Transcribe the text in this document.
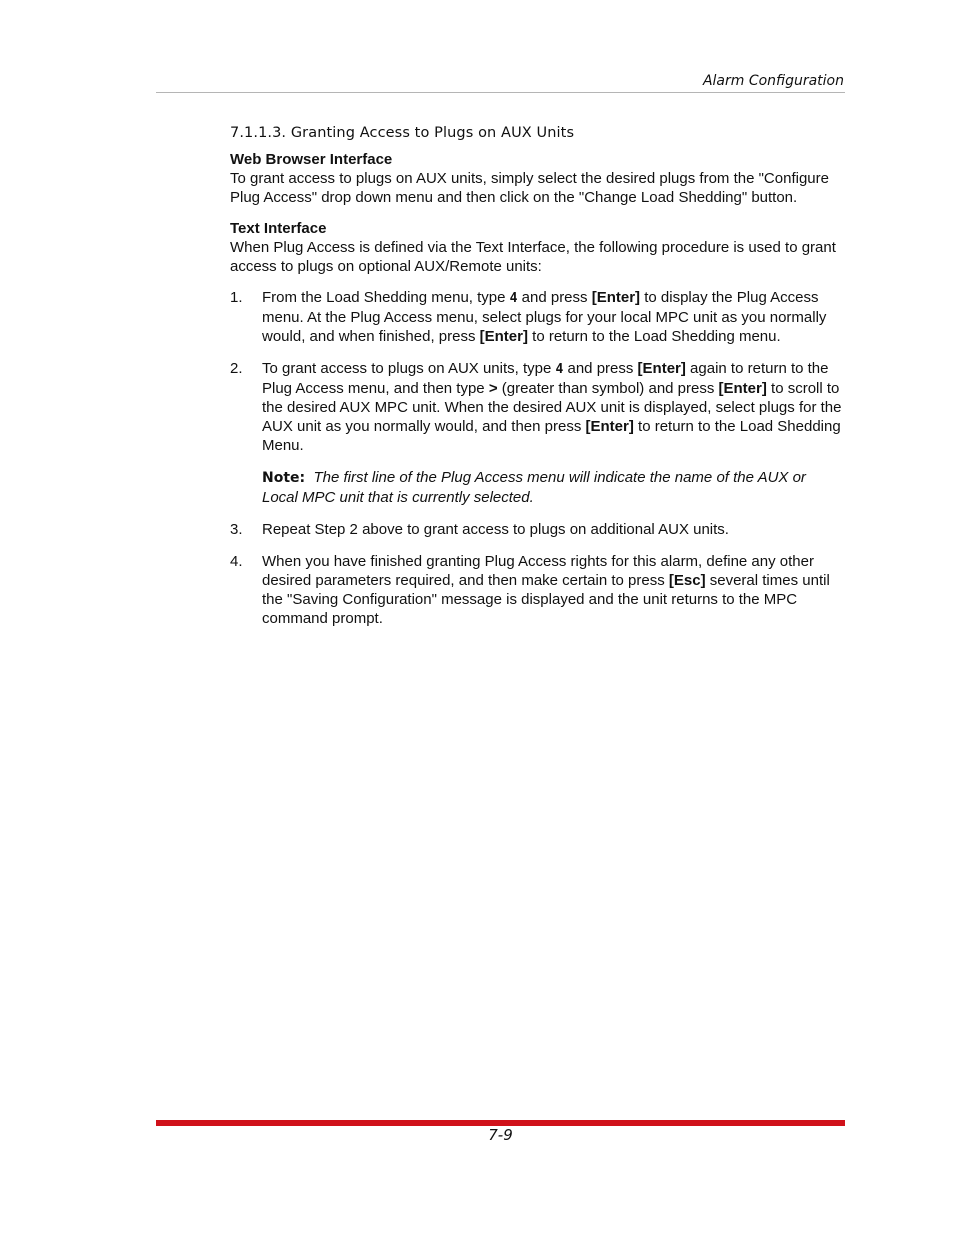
Alarm Configuration
7.1.1.3. Granting Access to Plugs on AUX Units

Web Browser Interface

To grant access to plugs on AUX units, simply select the desired plugs from the "Configure Plug Access" drop down menu and then click on the "Change Load Shedding" button.

Text Interface

When Plug Access is defined via the Text Interface, the following procedure is used to grant access to plugs on optional AUX/Remote units:

1. From the Load Shedding menu, type 4 and press [Enter] to display the Plug Access menu. At the Plug Access menu, select plugs for your local MPC unit as you normally would, and when finished, press [Enter] to return to the Load Shedding menu.
2. To grant access to plugs on AUX units, type 4 and press [Enter] again to return to the Plug Access menu, and then type > (greater than symbol) and press [Enter] to scroll to the desired AUX MPC unit. When the desired AUX unit is displayed, select plugs for the AUX unit as you normally would, and then press [Enter] to return to the Load Shedding Menu.

Note: The first line of the Plug Access menu will indicate the name of the AUX or Local MPC unit that is currently selected.

3. Repeat Step 2 above to grant access to plugs on additional AUX units.
4. When you have finished granting Plug Access rights for this alarm, define any other desired parameters required, and then make certain to press [Esc] several times until the "Saving Configuration" message is displayed and the unit returns to the MPC command prompt.
7-9
